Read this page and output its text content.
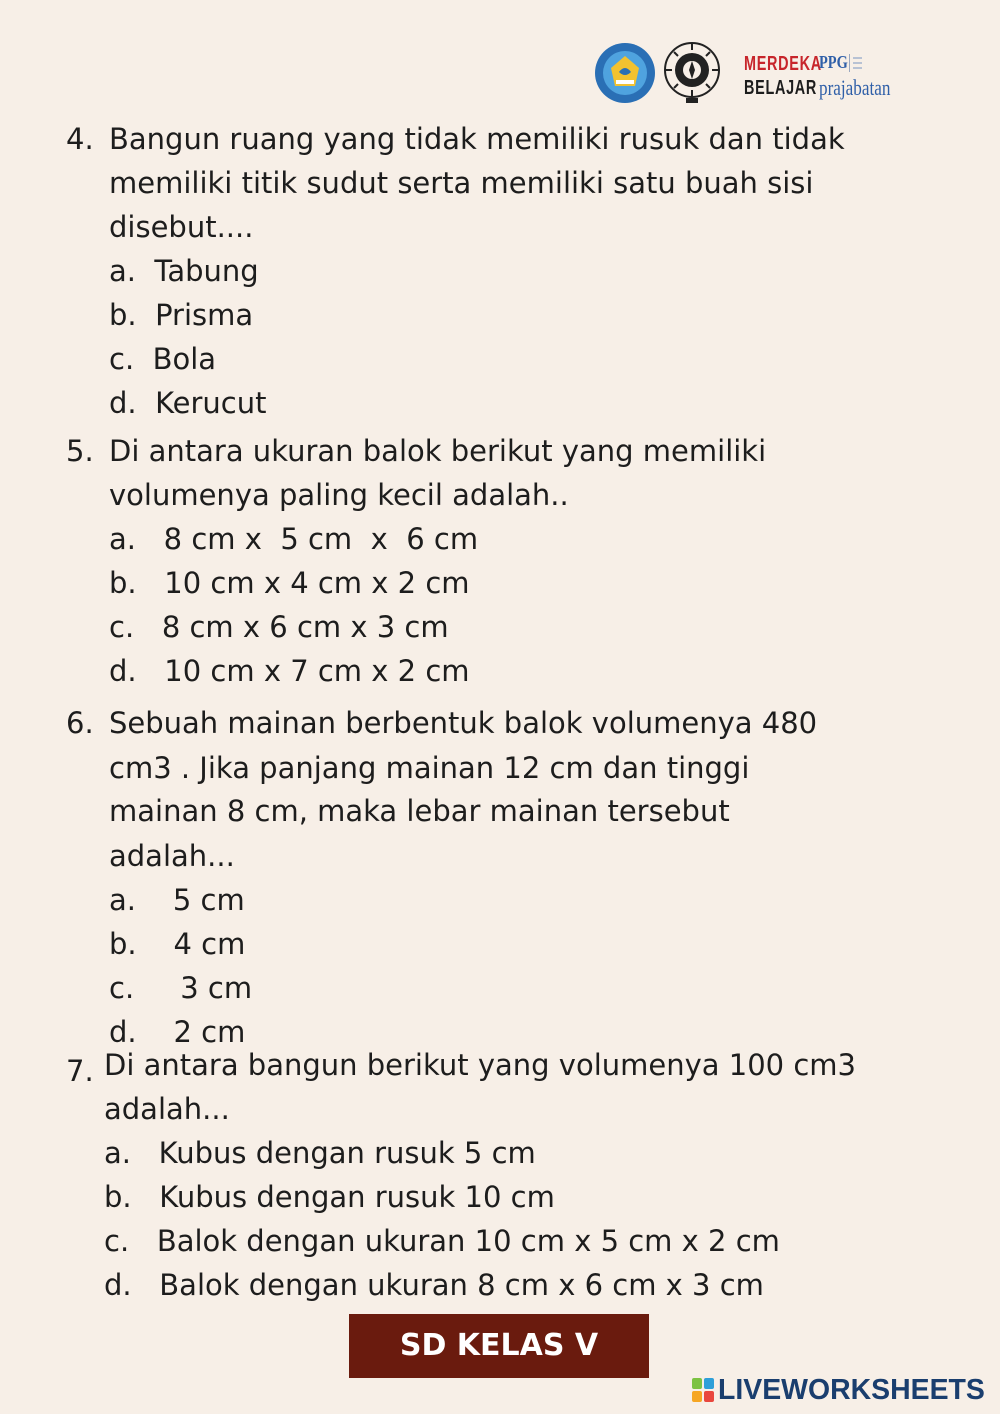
MERDEKA
BELAJAR
PPG
prajabatan
4. Bangun ruang yang tidak memiliki rusuk dan tidak
memiliki titik sudut serta memiliki satu buah sisi
disebut....
a.  Tabung
b.  Prisma
c.  Bola
d.  Kerucut
5. Di antara ukuran balok berikut yang memiliki
volumenya paling kecil adalah..
a.   8 cm x  5 cm  x  6 cm
b.   10 cm x 4 cm x 2 cm
c.   8 cm x 6 cm x 3 cm
d.   10 cm x 7 cm x 2 cm
6. Sebuah mainan berbentuk balok volumenya 480
cm3 . Jika panjang mainan 12 cm dan tinggi
mainan 8 cm, maka lebar mainan tersebut
adalah...
a.    5 cm
b.    4 cm
c.     3 cm
d.    2 cm
7. Di antara bangun berikut yang volumenya 100 cm3
adalah...
a.   Kubus dengan rusuk 5 cm
b.   Kubus dengan rusuk 10 cm
c.   Balok dengan ukuran 10 cm x 5 cm x 2 cm
d.   Balok dengan ukuran 8 cm x 6 cm x 3 cm
SD KELAS V
LIVEWORKSHEETS
